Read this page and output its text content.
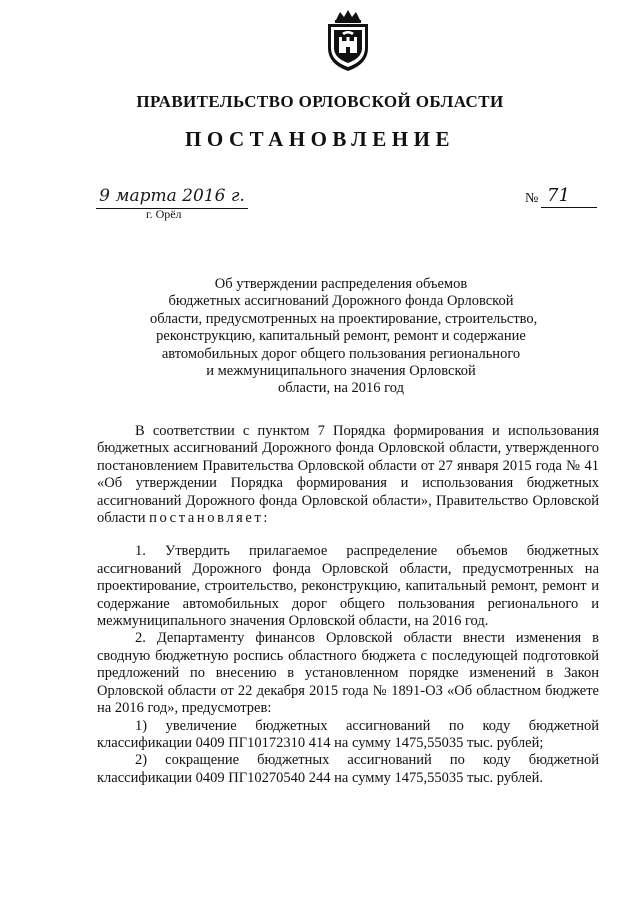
ПРАВИТЕЛЬСТВО ОРЛОВСКОЙ ОБЛАСТИ
ПОСТАНОВЛЕНИЕ
9 марта 2016 г.
г. Орёл
№ 71
Об утверждении распределения объемов
бюджетных ассигнований Дорожного фонда Орловской
области, предусмотренных на проектирование, строительство,
реконструкцию, капитальный ремонт, ремонт и содержание
автомобильных дорог общего пользования регионального
и межмуниципального значения Орловской
области, на 2016 год

В соответствии с пунктом 7 Порядка формирования и использования бюджетных ассигнований Дорожного фонда Орловской области, утвержденного постановлением Правительства Орловской области от 27 января 2015 года № 41 «Об утверждении Порядка формирования и использования бюджетных ассигнований Дорожного фонда Орловской области», Правительство Орловской области постановляет:

1. Утвердить прилагаемое распределение объемов бюджетных ассигнований Дорожного фонда Орловской области, предусмотренных на проектирование, строительство, реконструкцию, капитальный ремонт, ремонт и содержание автомобильных дорог общего пользования регионального и межмуниципального значения Орловской области, на 2016 год.

2. Департаменту финансов Орловской области внести изменения в сводную бюджетную роспись областного бюджета с последующей подготовкой предложений по внесению в установленном порядке изменений в Закон Орловской области от 22 декабря 2015 года № 1891-ОЗ «Об областном бюджете на 2016 год», предусмотрев:

1) увеличение бюджетных ассигнований по коду бюджетной классификации 0409 ПГ10172310 414 на сумму 1475,55035 тыс. рублей;

2) сокращение бюджетных ассигнований по коду бюджетной классификации 0409 ПГ10270540 244 на сумму 1475,55035 тыс. рублей.
